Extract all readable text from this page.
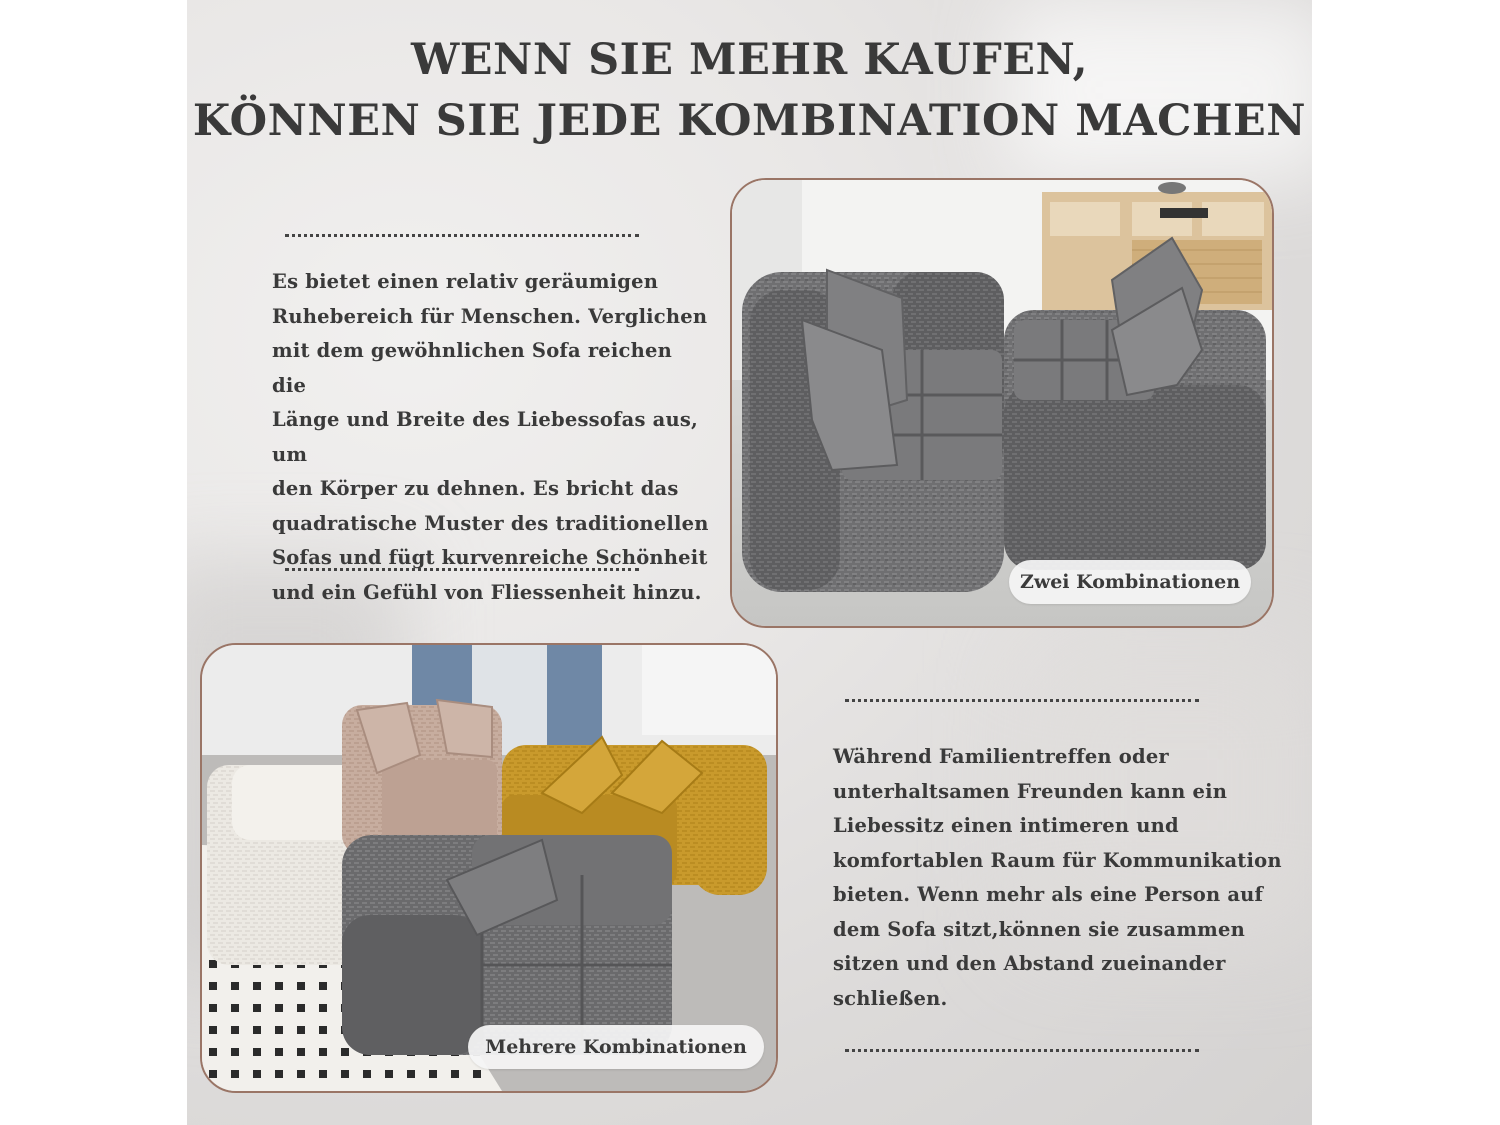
WENN SIE MEHR KAUFEN,
KÖNNEN SIE JEDE KOMBINATION MACHEN
Es bietet einen relativ geräumigen
Ruhebereich für Menschen. Verglichen
mit dem gewöhnlichen Sofa reichen die
Länge und Breite des Liebessofas aus, um
den Körper zu dehnen. Es bricht das
quadratische Muster des traditionellen
Sofas und fügt kurvenreiche Schönheit
und ein Gefühl von Fliessenheit hinzu.	Zwei Kombinationen
Mehrere Kombinationen
Während Familientreffen oder
unterhaltsamen Freunden kann ein
Liebessitz einen intimeren und
komfortablen Raum für Kommunikation
bieten. Wenn mehr als eine Person auf
dem Sofa sitzt,können sie zusammen
sitzen und den Abstand zueinander
schließen.
